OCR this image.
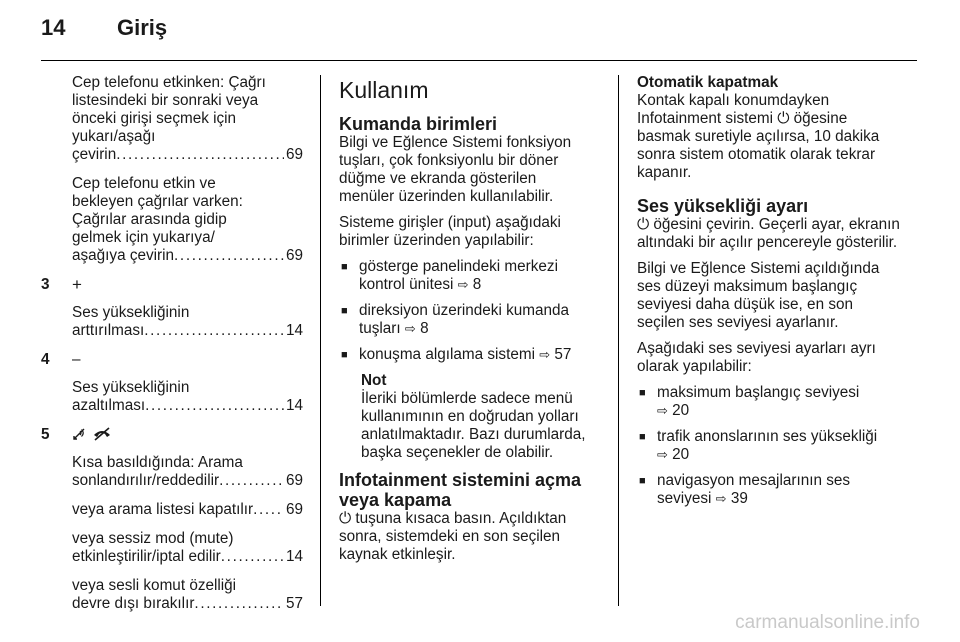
14 Giriş
Cep telefonu etkinken: Çağrı listesindeki bir sonraki veya önceki girişi seçmek için yukarı/aşağı
çevirin . . .	69
Cep telefonu etkin ve bekleyen çağrılar varken: Çağrılar arasında gidip gelmek için yukarıya/
aşağıya çevirin . . .	69
3 +
Ses yükseklіğinin
arttırılması . . .	14
4 –
Ses yüksekliğinin
azaltılması . . .	14
5

Kısa basıldığında: Arama
sonlandırılır/reddedilir . . .	69
veya arama listesi kapatılır . . . 69
veya sessiz mod (mute)
etkinleştirilir/iptal edilir . . .	14
veya sesli komut özelliği
devre dışı bırakılır . . .	57
Kullanım
Kumanda birimleri

Bilgi ve Eğlence Sistemi fonksiyon tuşları, çok fonksiyonlu bir döner düğme ve ekranda gösterilen menüler üzerinden kullanılabilir.

Sisteme girişler (input) aşağıdaki birimler üzerinden yapılabilir:

■ gösterge panelindeki merkezi kontrol ünitesi ⇨ 8
■ direksiyon üzerindeki kumanda tuşları ⇨ 8
■ konuşma algılama sistemi ⇨ 57
Not
İleriki bölümlerde sadece menü kullanımının en doğrudan yolları anlatılmaktadır. Bazı durumlarda, başka seçenekler de olabilir.
Infotainment sistemini açma veya kapama

⏻ tuşuna kısaca basın. Açıldıktan sonra, sistemdeki en son seçilen kaynak etkinleşir.

Otomatik kapatmak

Kontak kapalı konumdayken Infotainment sistemi ⏻ öğesine basmak suretiyle açılırsa, 10 dakika sonra sistem otomatik olarak tekrar kapanır.

Ses yüksekliği ayarı

⏻ öğesini çevirin. Geçerli ayar, ekranın altındaki bir açılır pencereyle gösterilir.

Bilgi ve Eğlence Sistemi açıldığında ses düzeyi maksimum başlangıç seviyesi daha düşük ise, en son seçilen ses seviyesi ayarlanır.

Aşağıdaki ses seviyesi ayarları ayrı olarak yapılabilir:

■ maksimum başlangıç seviyesi
⇨ 20
■ trafik anonslarının ses yüksekliği
⇨ 20
■ navigasyon mesajlarının ses seviyesi ⇨ 39
carmanualsonline.info
